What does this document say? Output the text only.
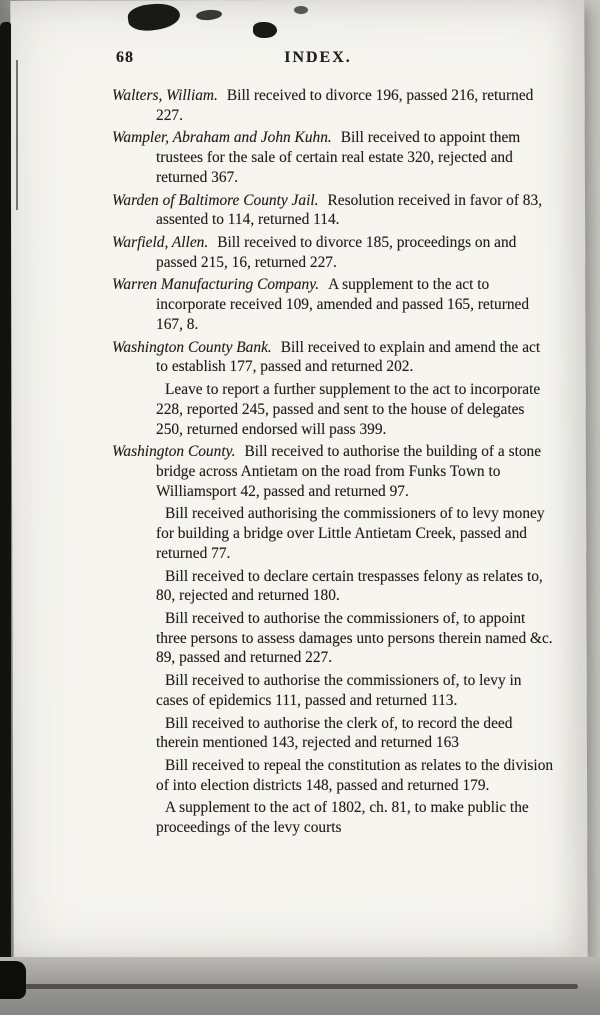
68	INDEX.

Walters, William. Bill received to divorce 196, passed 216, returned 227.

Wampler, Abraham and John Kuhn. Bill received to appoint them trustees for the sale of certain real estate 320, rejected and returned 367.

Warden of Baltimore County Jail. Resolution received in favor of 83, assented to 114, returned 114.

Warfield, Allen. Bill received to divorce 185, proceedings on and passed 215, 16, returned 227.

Warren Manufacturing Company. A supplement to the act to incorporate received 109, amended and passed 165, returned 167, 8.

Washington County Bank. Bill received to explain and amend the act to establish 177, passed and returned 202.

Leave to report a further supplement to the act to incorporate 228, reported 245, passed and sent to the house of delegates 250, returned endorsed will pass 399.

Washington County. Bill received to authorise the building of a stone bridge across Antietam on the road from Funks Town to Williamsport 42, passed and returned 97.

Bill received authorising the commissioners of to levy money for building a bridge over Little Antietam Creek, passed and returned 77.

Bill received to declare certain trespasses felony as relates to, 80, rejected and returned 180.

Bill received to authorise the commissioners of, to appoint three persons to assess damages unto persons therein named &c. 89, passed and returned 227.

Bill received to authorise the commissioners of, to levy in cases of epidemics 111, passed and returned 113.

Bill received to authorise the clerk of, to record the deed therein mentioned 143, rejected and returned 163

Bill received to repeal the constitution as relates to the division of into election districts 148, passed and returned 179.

A supplement to the act of 1802, ch. 81, to make public the proceedings of the levy courts
